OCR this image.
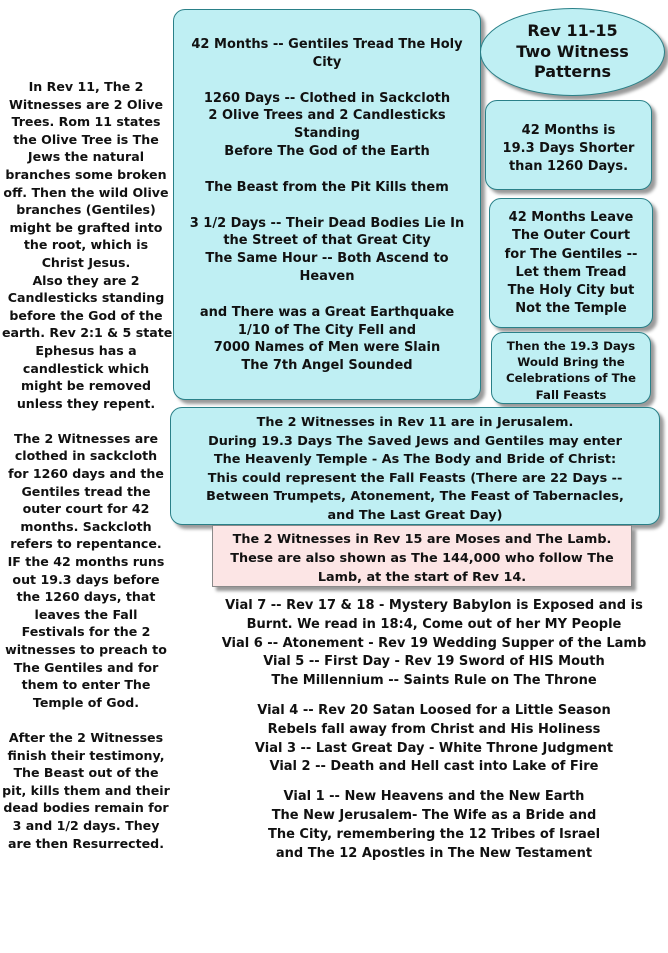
In Rev 11, The 2
Witnesses are 2 Olive
Trees. Rom 11 states
the Olive Tree is The
Jews the natural
branches some broken
off. Then the wild Olive
branches (Gentiles)
might be grafted into
the root, which is
Christ Jesus.
Also they are 2
Candlesticks standing
before the God of the
earth. Rev 2:1 & 5 state
Ephesus has a
candlestick which
might be removed
unless they repent.
The 2 Witnesses are
clothed in sackcloth
for 1260 days and the
Gentiles tread the
outer court for 42
months. Sackcloth
refers to repentance.
IF the 42 months runs
out 19.3 days before
the 1260 days, that
leaves the Fall
Festivals for the 2
witnesses to preach to
The Gentiles and for
them to enter The
Temple of God.
After the 2 Witnesses
finish their testimony,
The Beast out of the
pit, kills them and their
dead bodies remain for
3 and 1/2 days. They
are then Resurrected.
42 Months -- Gentiles Tread The Holy
City
1260 Days -- Clothed in Sackcloth
2 Olive Trees and 2 Candlesticks
Standing
Before The God of the Earth
The Beast from the Pit Kills them
3 1/2 Days -- Their Dead Bodies Lie In
the Street of that Great City
The Same Hour -- Both Ascend to
Heaven
and There was a Great Earthquake
1/10 of The City Fell and
7000 Names of Men were Slain
The 7th Angel Sounded
Rev 11-15
Two Witness
Patterns
42 Months is
19.3 Days Shorter
than 1260 Days.
42 Months Leave
The Outer Court
for The Gentiles --
Let them Tread
The Holy City but
Not the Temple
Then the 19.3 Days
Would Bring the
Celebrations of The
Fall Feasts
The 2 Witnesses in Rev 11 are in Jerusalem.
During 19.3 Days The Saved Jews and Gentiles may enter
The Heavenly Temple - As The Body and Bride of Christ:
This could represent the Fall Feasts (There are 22 Days --
Between Trumpets, Atonement, The Feast of Tabernacles,
and The Last Great Day)
The 2 Witnesses in Rev 15 are Moses and The Lamb.
These are also shown as The 144,000 who follow The
Lamb, at the start of Rev 14.
Vial 7 -- Rev 17 & 18 - Mystery Babylon is Exposed and is
Burnt. We read in 18:4, Come out of her MY People
Vial 6 -- Atonement - Rev 19 Wedding Supper of the Lamb
Vial 5 -- First Day - Rev 19 Sword of HIS Mouth
The Millennium -- Saints Rule on The Throne
Vial 4 -- Rev 20 Satan Loosed for a Little Season
Rebels fall away from Christ and His Holiness
Vial 3 -- Last Great Day - White Throne Judgment
Vial 2 -- Death and Hell cast into Lake of Fire
Vial 1 -- New Heavens and the New Earth
The New Jerusalem- The Wife as a Bride and
The City, remembering the 12 Tribes of Israel
and The 12 Apostles in The New Testament
